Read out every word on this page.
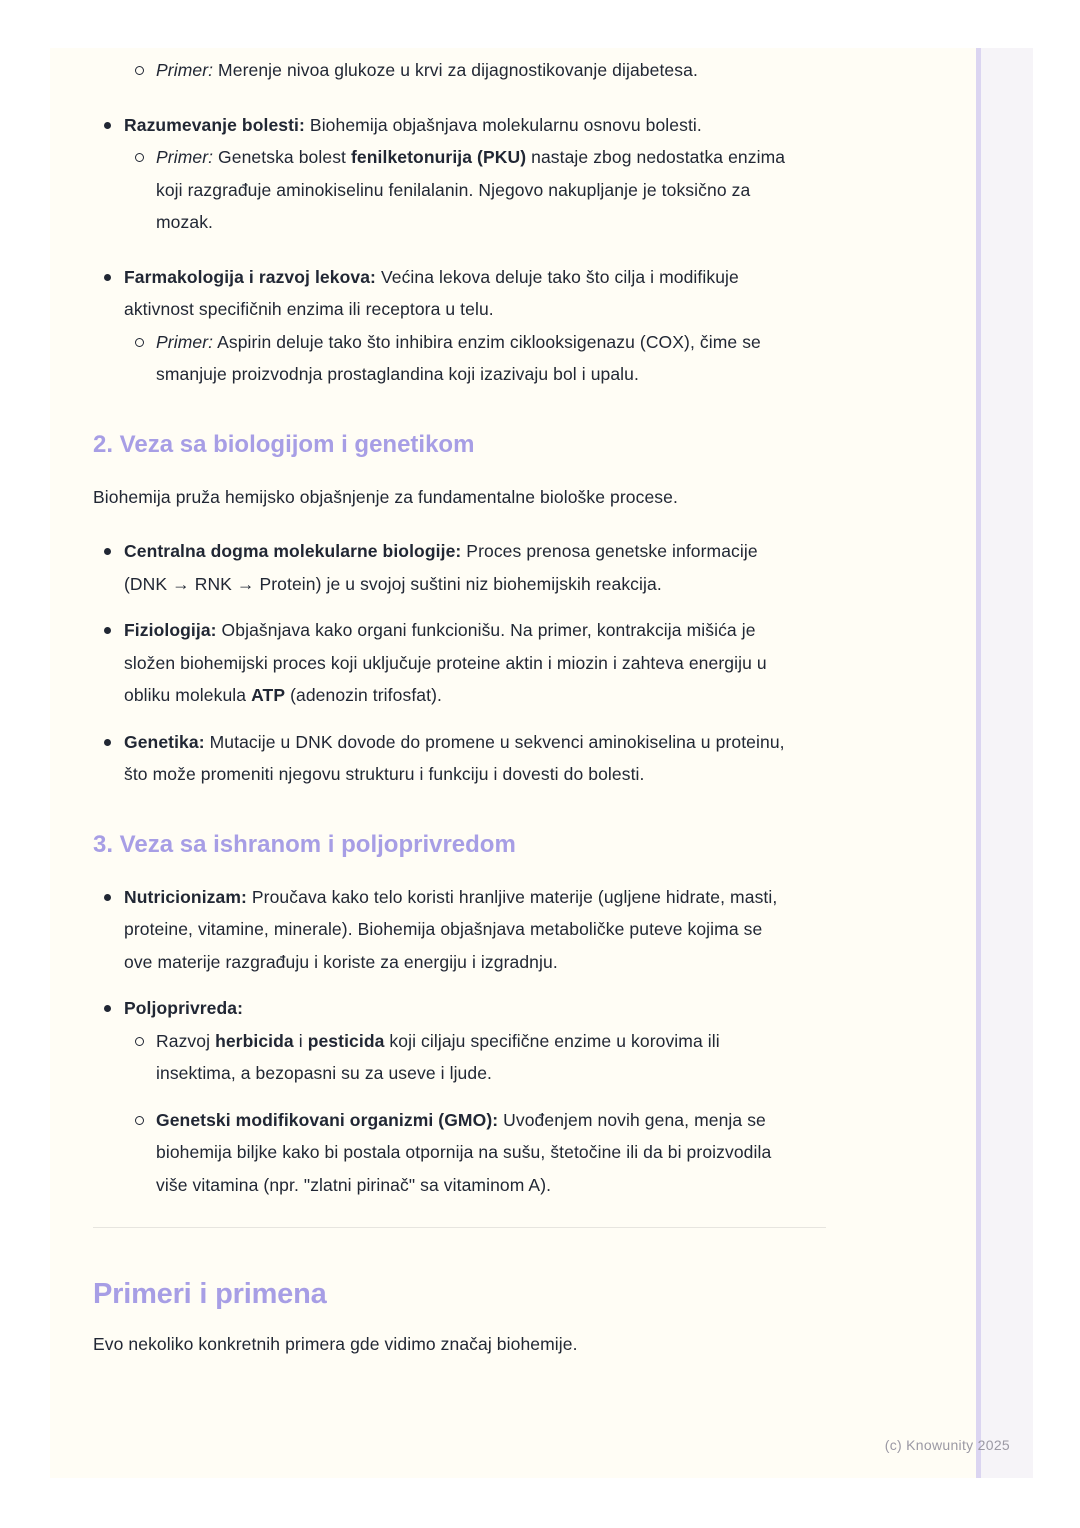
Primer: Merenje nivoa glukoze u krvi za dijagnostikovanje dijabetesa.
Razumevanje bolesti: Biohemija objašnjava molekularnu osnovu bolesti.
Primer: Genetska bolest fenilketonurija (PKU) nastaje zbog nedostatka enzima koji razgrađuje aminokiselinu fenilalanin. Njegovo nakupljanje je toksično za mozak.
Farmakologija i razvoj lekova: Većina lekova deluje tako što cilja i modifikuje aktivnost specifičnih enzima ili receptora u telu.
Primer: Aspirin deluje tako što inhibira enzim ciklooksigenazu (COX), čime se smanjuje proizvodnja prostaglandina koji izazivaju bol i upalu.
2. Veza sa biologijom i genetikom
Biohemija pruža hemijsko objašnjenje za fundamentalne biološke procese.
Centralna dogma molekularne biologije: Proces prenosa genetske informacije (DNK → RNK → Protein) je u svojoj suštini niz biohemijskih reakcija.
Fiziologija: Objašnjava kako organi funkcionišu. Na primer, kontrakcija mišića je složen biohemijski proces koji uključuje proteine aktin i miozin i zahteva energiju u obliku molekula ATP (adenozin trifosfat).
Genetika: Mutacije u DNK dovode do promene u sekvenci aminokiselina u proteinu, što može promeniti njegovu strukturu i funkciju i dovesti do bolesti.
3. Veza sa ishranom i poljoprivredom
Nutricionizam: Proučava kako telo koristi hranljive materije (ugljene hidrate, masti, proteine, vitamine, minerale). Biohemija objašnjava metaboličke puteve kojima se ove materije razgrađuju i koriste za energiju i izgradnju.
Poljoprivreda:
Razvoj herbicida i pesticida koji ciljaju specifične enzime u korovima ili insektima, a bezopasni su za useve i ljude.
Genetski modifikovani organizmi (GMO): Uvođenjem novih gena, menja se biohemija biljke kako bi postala otpornija na sušu, štetočine ili da bi proizvodila više vitamina (npr. "zlatni pirinač" sa vitaminom A).
Primeri i primena
Evo nekoliko konkretnih primera gde vidimo značaj biohemije.
(c) Knowunity 2025
